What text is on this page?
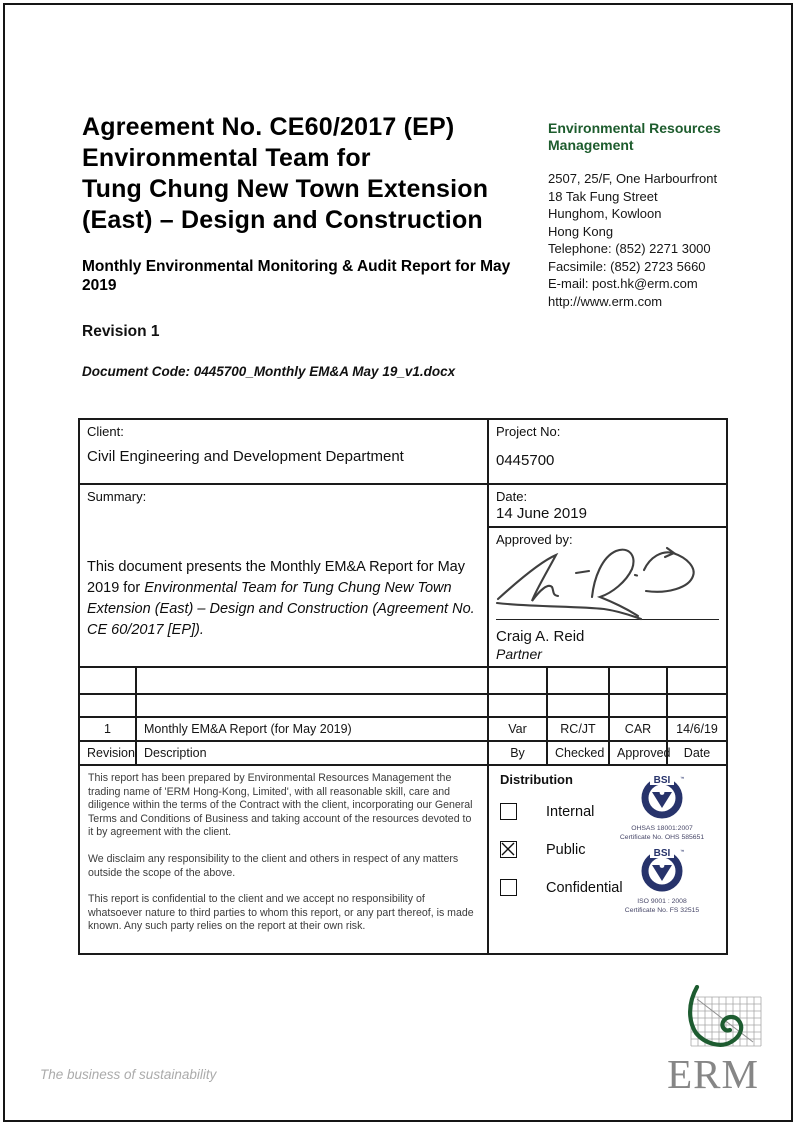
Agreement No. CE60/2017 (EP)
Environmental Team for
Tung Chung New Town Extension
(East) – Design and Construction
Monthly Environmental Monitoring & Audit Report for May 2019
Revision 1
Document Code: 0445700_Monthly EM&A May 19_v1.docx
Environmental Resources Management
2507, 25/F, One Harbourfront
18 Tak Fung Street
Hunghom, Kowloon
Hong Kong
Telephone: (852) 2271 3000
Facsimile: (852) 2723 5660
E-mail: post.hk@erm.com
http://www.erm.com
Client:
Civil Engineering and Development Department

Project No:
0445700

Summary:
This document presents the Monthly EM&A Report for May 2019 for Environmental Team for Tung Chung New Town Extension (East) – Design and Construction (Agreement No. CE 60/2017 [EP]).

Date:
14 June 2019

		Approved by:
Craig A. Reid
Partner			

1	Monthly EM&A Report (for May 2019)	Var	RC/JT	CAR	14/6/19
Revision	Description	By	Checked	Approved	Date

This report has been prepared by Environmental Resources Management the trading name of 'ERM Hong-Kong, Limited', with all reasonable skill, care and diligence within the terms of the Contract with the client, incorporating our General Terms and Conditions of Business and taking account of the resources devoted to it by agreement with the client.

We disclaim any responsibility to the client and others in respect of any matters outside the scope of the above.

This report is confidential to the client and we accept no responsibility of whatsoever nature to third parties to whom this report, or any part thereof, is made known. Any such party relies on the report at their own risk.

Distribution
Internal
Public
Confidential
BSI ™
OHSAS 18001:2007
Certificate No. OHS 585651
BSI ™
ISO 9001 : 2008
Certificate No. FS 32515
The business of sustainability	ERM
